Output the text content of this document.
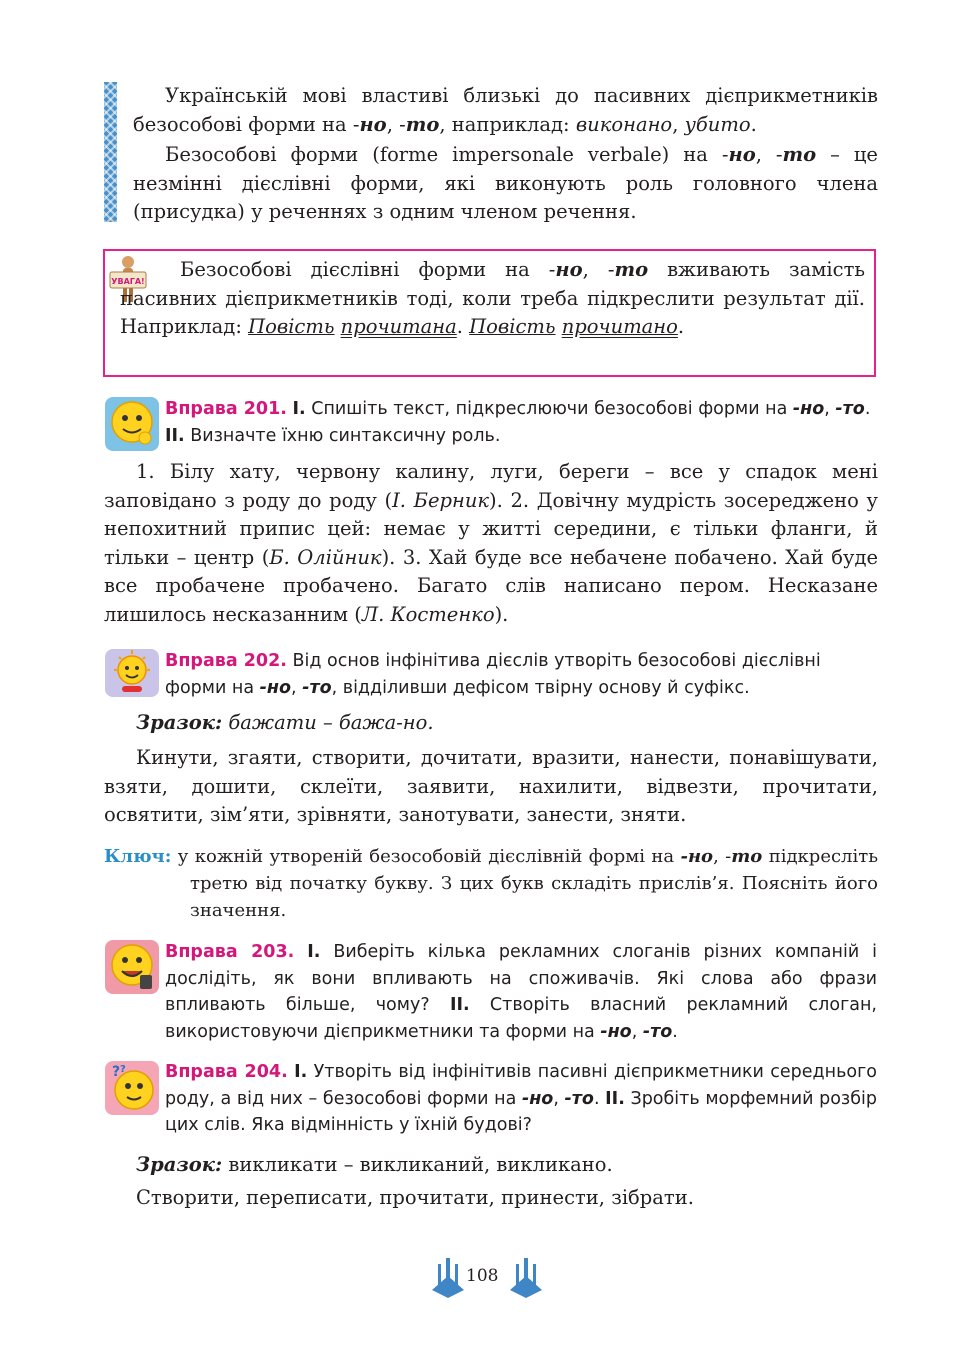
Українській мові властиві близькі до пасивних дієприкметників безособові форми на -но, -то, наприклад: виконано, убито.

Безособові форми (forme impersonale verbale) на -но, -то – це незмінні дієслівні форми, які виконують роль головного члена (присудка) у реченнях з одним членом речення.

УВАГА!

Безособові дієслівні форми на -но, -то вживають замість пасивних дієприкметників тоді, коли треба підкреслити результат дії. Наприклад: Повість прочитана. Повість прочитано.

Вправа 201. I. Спишіть текст, підкреслюючи безособові форми на -но, -то. II. Визначте їхню синтаксичну роль.

1. Білу хату, червону калину, луги, береги – все у спадок мені заповідано з роду до роду (І. Берник). 2. Довічну мудрість зосереджено у непохитний припис цей: немає у житті середини, є тільки фланги, й тільки – центр (Б. Олійник). 3. Хай буде все небачене побачено. Хай буде все пробачене пробачено. Багато слів написано пером. Несказане лишилось несказанним (Л. Костенко).

Вправа 202. Від основ інфінітива дієслів утворіть безособові дієслівні форми на -но, -то, відділивши дефісом твірну основу й суфікс.
Зразок: бажати – бажа-но.

Кинути, згаяти, створити, дочитати, вразити, нанести, понавішувати, взяти, дошити, склеїти, заявити, нахилити, відвезти, прочитати, освятити, зім’яти, зрівняти, занотувати, занести, зняти.

Ключ: у кожній утвореній безособовій дієслівній формі на -но, -то підкресліть третю від початку букву. З цих букв складіть прислів’я. Поясніть його значення.

Вправа 203. I. Виберіть кілька рекламних слоганів різних компаній і дослідіть, як вони впливають на споживачів. Які слова або фрази впливають більше, чому? II. Створіть власний рекламний слоган, використовуючи дієприкметники та форми на -но, -то.
? ? Вправа 204. I. Утворіть від інфінітивів пасивні дієприкметники середнього роду, а від них – безособові форми на -но, -то. II. Зробіть морфемний розбір цих слів. Яка відмінність у їхній будові?
Зразок: викликати – викликаний, викликано.

Створити, переписати, прочитати, принести, зібрати.

108
